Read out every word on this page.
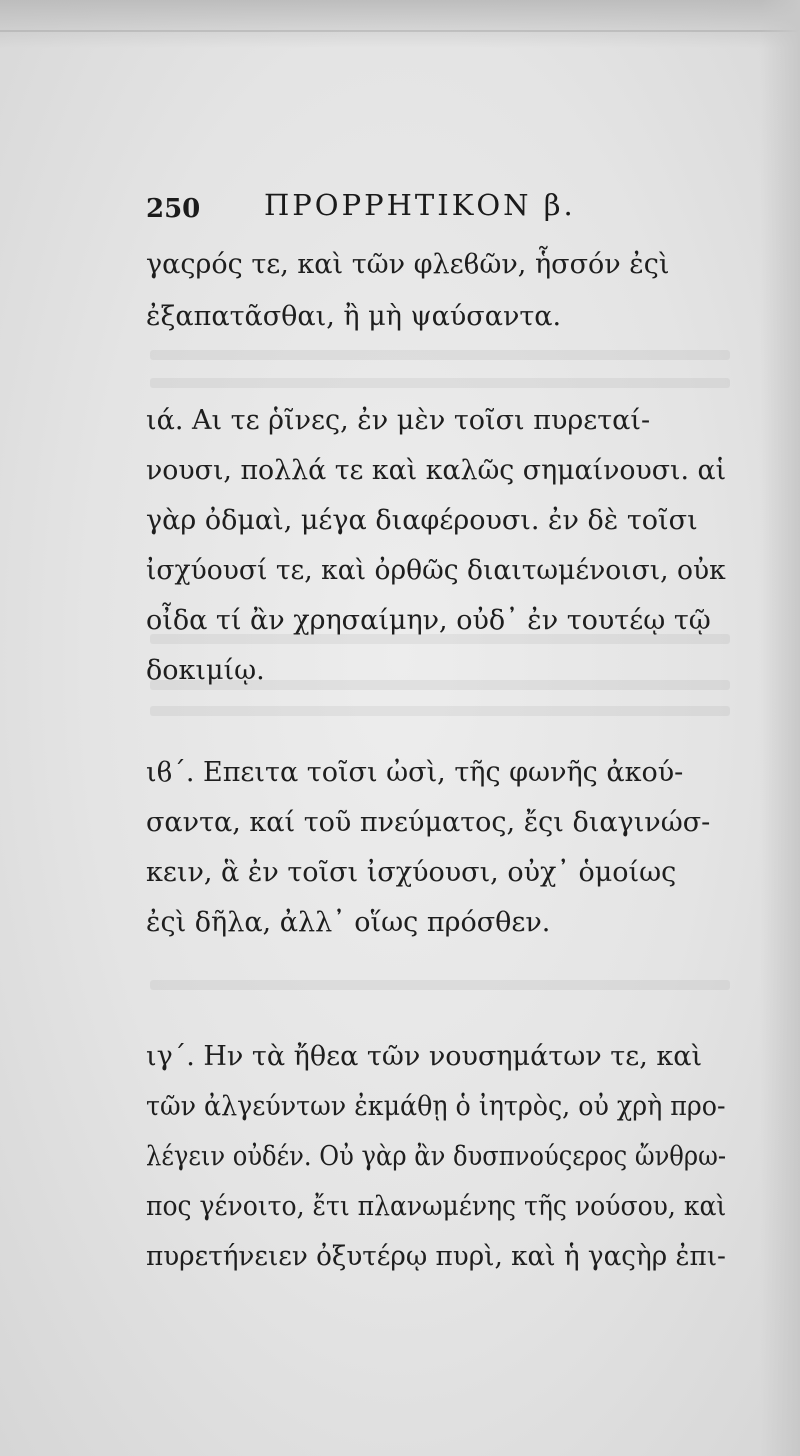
250 ΠΡΟΡΡΗΤΙΚΟΝ β.
γαςρός τε, καὶ τῶν φλεϐῶν, ἧσσόν ἐςὶ
ἐξαπατᾶσθαι, ἢ μὴ ψαύσαντα.
ιά. Αι τε ῥῖνες, ἐν μὲν τοῖσι πυρεταί-
νουσι, πολλά τε καὶ καλῶς σημαίνουσι. αἱ
γὰρ ὀδμαὶ, μέγα διαφέρουσι. ἐν δὲ τοῖσι
ἰσχύουσί τε, καὶ ὀρθῶς διαιτωμένοισι, οὐκ
οἶδα τί ἂν χρησαίμην, οὐδ᾽ ἐν τουτέῳ τῷ
δοκιμίῳ.
ιϐ΄. Επειτα τοῖσι ὠσὶ, τῆς φωνῆς ἀκού-
σαντα, καί τοῦ πνεύματος, ἔςι διαγινώσ-
κειν, ἃ ἐν τοῖσι ἰσχύουσι, οὐχ᾽ ὁμοίως
ἐςὶ δῆλα, ἀλλ᾽ οἵως πρόσθεν.
ιγ΄. Ην τὰ ἤθεα τῶν νουσημάτων τε, καὶ
τῶν ἀλγεύντων ἐκμάθῃ ὁ ἰητρὸς, οὐ χρὴ προ-
λέγειν οὐδέν. Οὐ γὰρ ἂν δυσπνούςερος ὤνθρω-
πος γένοιτο, ἔτι πλανωμένης τῆς νούσου, καὶ
πυρετήνειεν ὀξυτέρῳ πυρὶ, καὶ ἡ γαςὴρ ἐπι-
